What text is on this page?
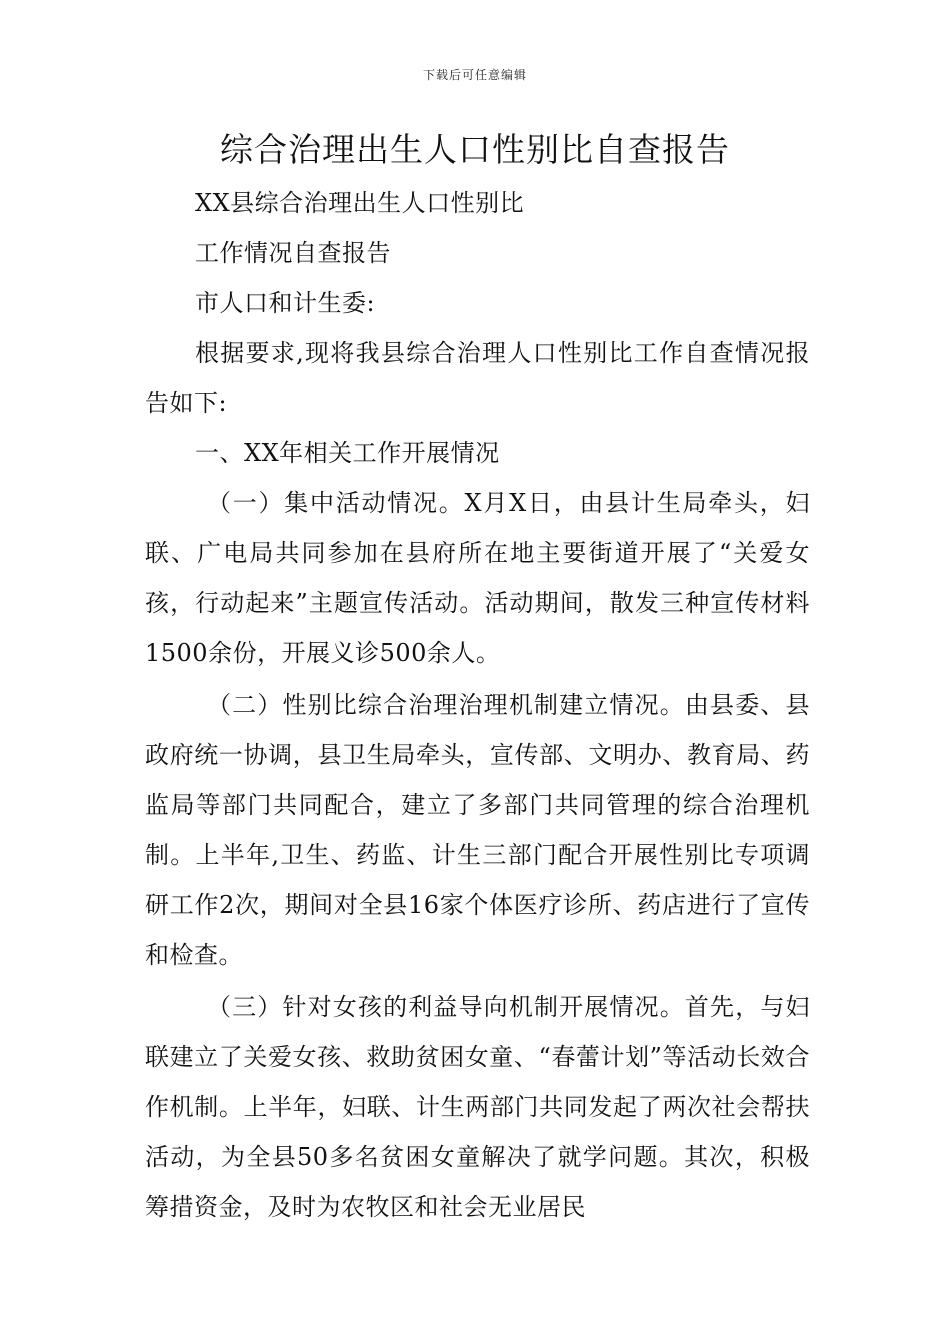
下载后可任意编辑
综合治理出生人口性别比自查报告

XX县综合治理出生人口性别比

工作情况自查报告

市人口和计生委:

根据要求,现将我县综合治理人口性别比工作自查情况报告如下:

一、XX年相关工作开展情况

（一）集中活动情况。X月X日，由县计生局牵头，妇联、广电局共同参加在县府所在地主要街道开展了“关爱女孩，行动起来”主题宣传活动。活动期间，散发三种宣传材料1500余份，开展义诊500余人。

（二）性别比综合治理治理机制建立情况。由县委、县政府统一协调，县卫生局牵头，宣传部、文明办、教育局、药监局等部门共同配合，建立了多部门共同管理的综合治理机制。上半年,卫生、药监、计生三部门配合开展性别比专项调研工作2次，期间对全县16家个体医疗诊所、药店进行了宣传和检查。

（三）针对女孩的利益导向机制开展情况。首先，与妇联建立了关爱女孩、救助贫困女童、“春蕾计划”等活动长效合作机制。上半年，妇联、计生两部门共同发起了两次社会帮扶活动，为全县50多名贫困女童解决了就学问题。其次，积极筹措资金，及时为农牧区和社会无业居民
